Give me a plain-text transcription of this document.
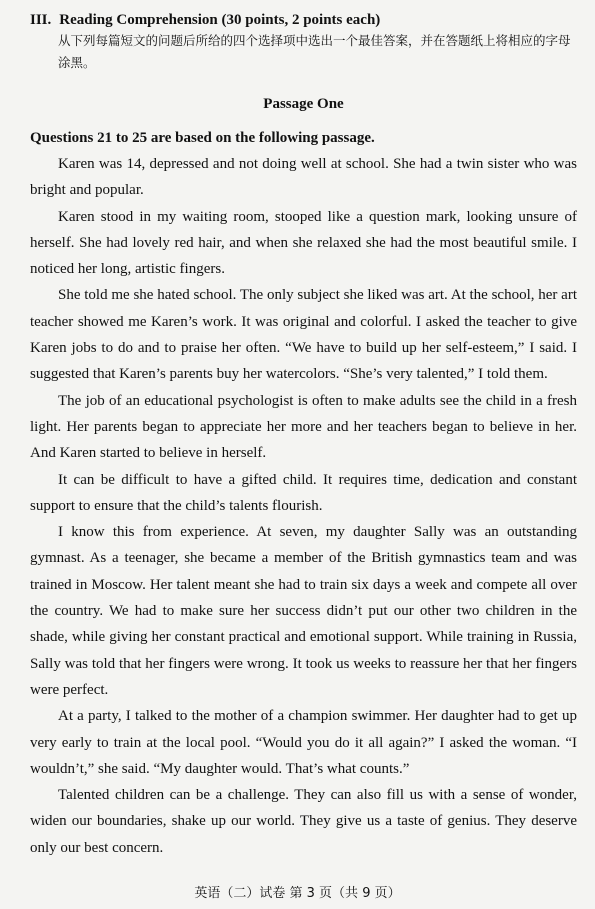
III. Reading Comprehension (30 points, 2 points each)

从下列每篇短文的问题后所给的四个选择项中选出一个最佳答案，并在答题纸上将相应的字母涂黑。

Passage One

Questions 21 to 25 are based on the following passage.

Karen was 14, depressed and not doing well at school. She had a twin sister who was bright and popular.

Karen stood in my waiting room, stooped like a question mark, looking unsure of herself. She had lovely red hair, and when she relaxed she had the most beautiful smile. I noticed her long, artistic fingers.

She told me she hated school. The only subject she liked was art. At the school, her art teacher showed me Karen’s work. It was original and colorful. I asked the teacher to give Karen jobs to do and to praise her often. “We have to build up her self-esteem,” I said. I suggested that Karen’s parents buy her watercolors. “She’s very talented,” I told them.

The job of an educational psychologist is often to make adults see the child in a fresh light. Her parents began to appreciate her more and her teachers began to believe in her. And Karen started to believe in herself.

It can be difficult to have a gifted child. It requires time, dedication and constant support to ensure that the child’s talents flourish.

I know this from experience. At seven, my daughter Sally was an outstanding gymnast. As a teenager, she became a member of the British gymnastics team and was trained in Moscow. Her talent meant she had to train six days a week and compete all over the country. We had to make sure her success didn’t put our other two children in the shade, while giving her constant practical and emotional support. While training in Russia, Sally was told that her fingers were wrong. It took us weeks to reassure her that her fingers were perfect.

At a party, I talked to the mother of a champion swimmer. Her daughter had to get up very early to train at the local pool. “Would you do it all again?” I asked the woman. “I wouldn’t,” she said. “My daughter would. That’s what counts.”

Talented children can be a challenge. They can also fill us with a sense of wonder, widen our boundaries, shake up our world. They give us a taste of genius. They deserve only our best concern.

英语（二）试卷 第 3 页（共 9 页）
